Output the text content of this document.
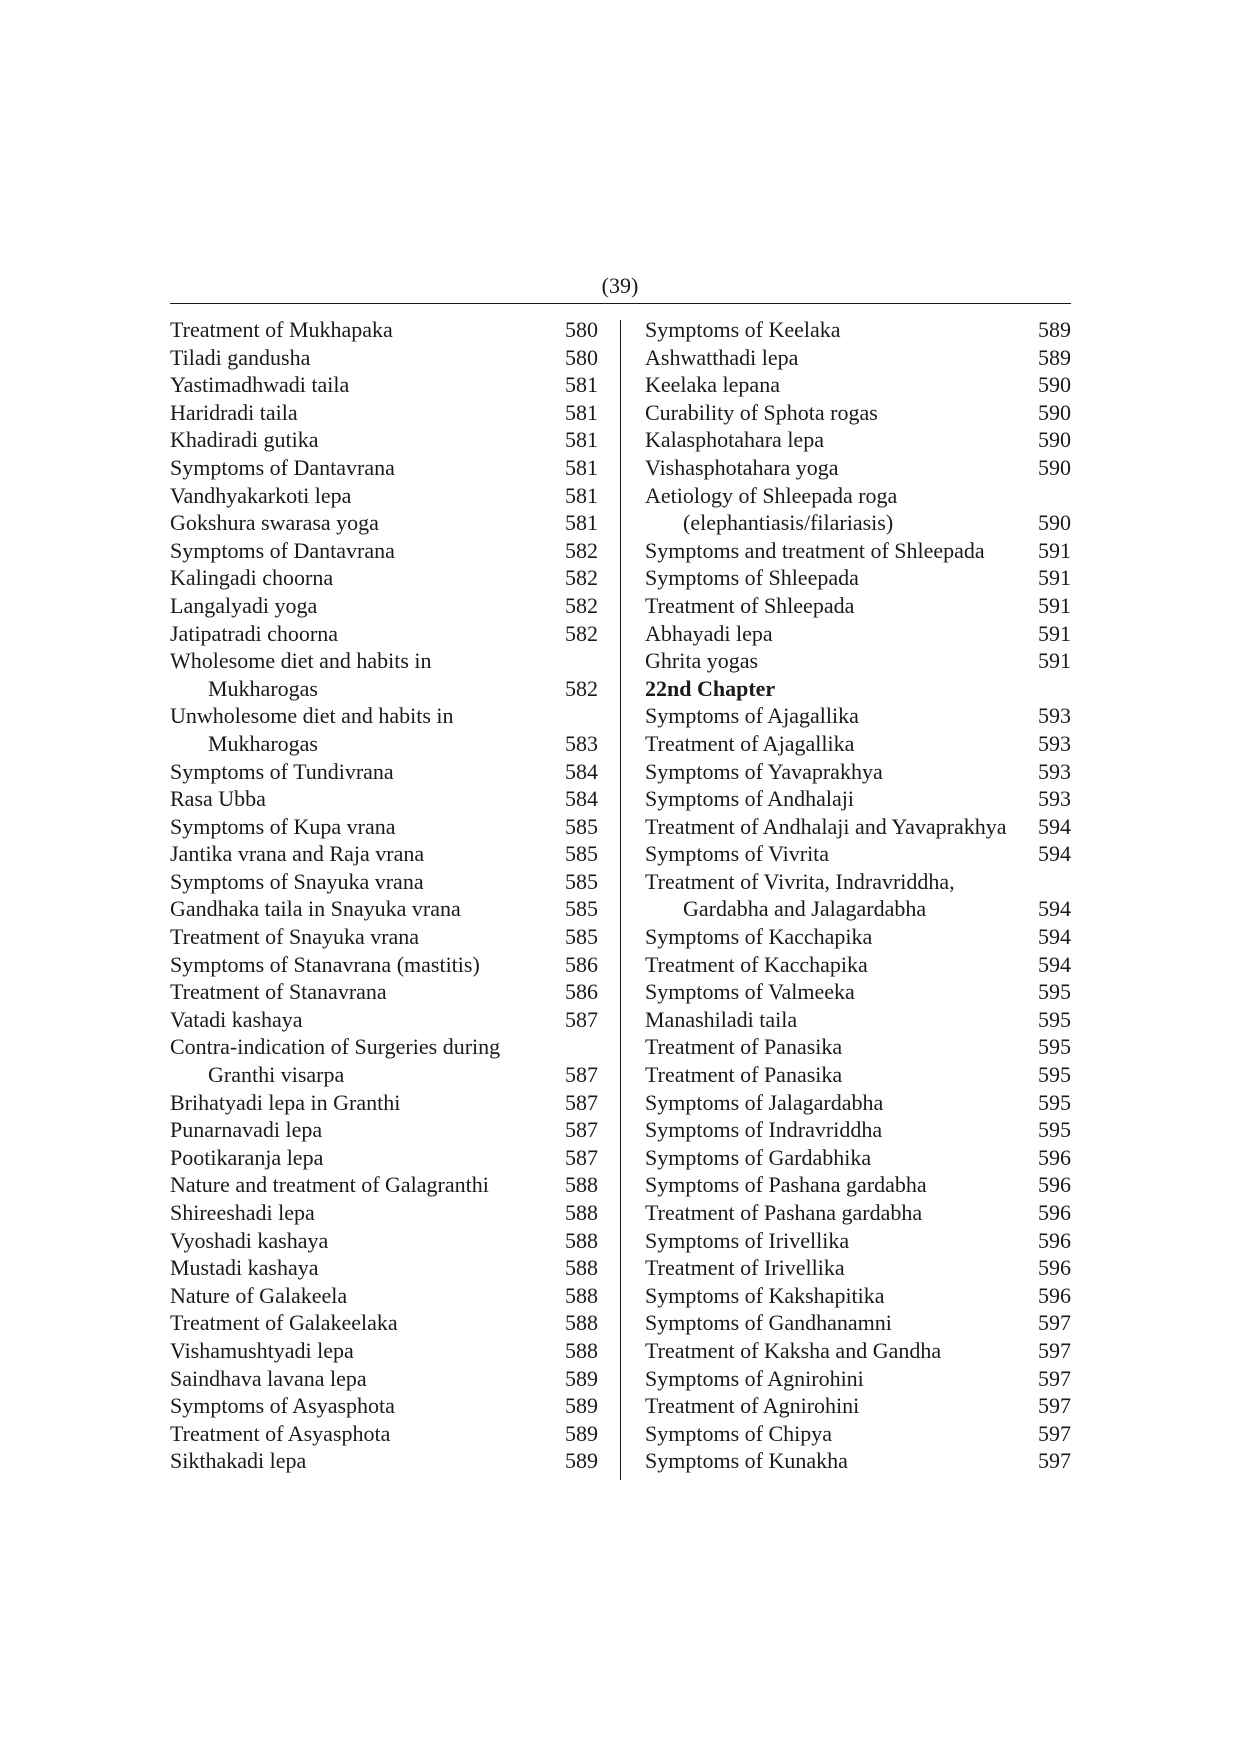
(39)
Treatment of Mukhapaka	580
Tiladi gandusha	580
Yastimadhwadi taila	581
Haridradi taila	581
Khadiradi gutika	581
Symptoms of Dantavrana	581
Vandhyakarkoti lepa	581
Gokshura swarasa yoga	581
Symptoms of Dantavrana	582
Kalingadi choorna	582
Langalyadi yoga	582
Jatipatradi choorna	582
Wholesome diet and habits in
Mukharogas	582
Unwholesome diet and habits in
Mukharogas	583
Symptoms of Tundivrana	584
Rasa Ubba	584
Symptoms of Kupa vrana	585
Jantika vrana and Raja vrana	585
Symptoms of Snayuka vrana	585
Gandhaka taila in Snayuka vrana	585
Treatment of Snayuka vrana	585
Symptoms of Stanavrana (mastitis)	586
Treatment of Stanavrana	586
Vatadi kashaya	587
Contra-indication of Surgeries during
Granthi visarpa	587
Brihatyadi lepa in Granthi	587
Punarnavadi lepa	587
Pootikaranja lepa	587
Nature and treatment of Galagranthi	588
Shireeshadi lepa	588
Vyoshadi kashaya	588
Mustadi kashaya	588
Nature of Galakeela	588
Treatment of Galakeelaka	588
Vishamushtyadi lepa	588
Saindhava lavana lepa	589
Symptoms of Asyasphota	589
Treatment of Asyasphota	589
Sikthakadi lepa	589
Symptoms of Keelaka	589
Ashwatthadi lepa	589
Keelaka lepana	590
Curability of Sphota rogas	590
Kalasphotahara lepa	590
Vishasphotahara yoga	590
Aetiology of Shleepada roga
(elephantiasis/filariasis)	590
Symptoms and treatment of Shleepada	591
Symptoms of Shleepada	591
Treatment of Shleepada	591
Abhayadi lepa	591
Ghrita yogas	591
22nd Chapter
Symptoms of Ajagallika	593
Treatment of Ajagallika	593
Symptoms of Yavaprakhya	593
Symptoms of Andhalaji	593
Treatment of Andhalaji and Yavaprakhya	594
Symptoms of Vivrita	594
Treatment of Vivrita, Indravriddha,
Gardabha and Jalagardabha	594
Symptoms of Kacchapika	594
Treatment of Kacchapika	594
Symptoms of Valmeeka	595
Manashiladi taila	595
Treatment of Panasika	595
Treatment of Panasika	595
Symptoms of Jalagardabha	595
Symptoms of Indravriddha	595
Symptoms of Gardabhika	596
Symptoms of Pashana gardabha	596
Treatment of Pashana gardabha	596
Symptoms of Irivellika	596
Treatment of Irivellika	596
Symptoms of Kakshapitika	596
Symptoms of Gandhanamni	597
Treatment of Kaksha and Gandha	597
Symptoms of Agnirohini	597
Treatment of Agnirohini	597
Symptoms of Chipya	597
Symptoms of Kunakha	597
